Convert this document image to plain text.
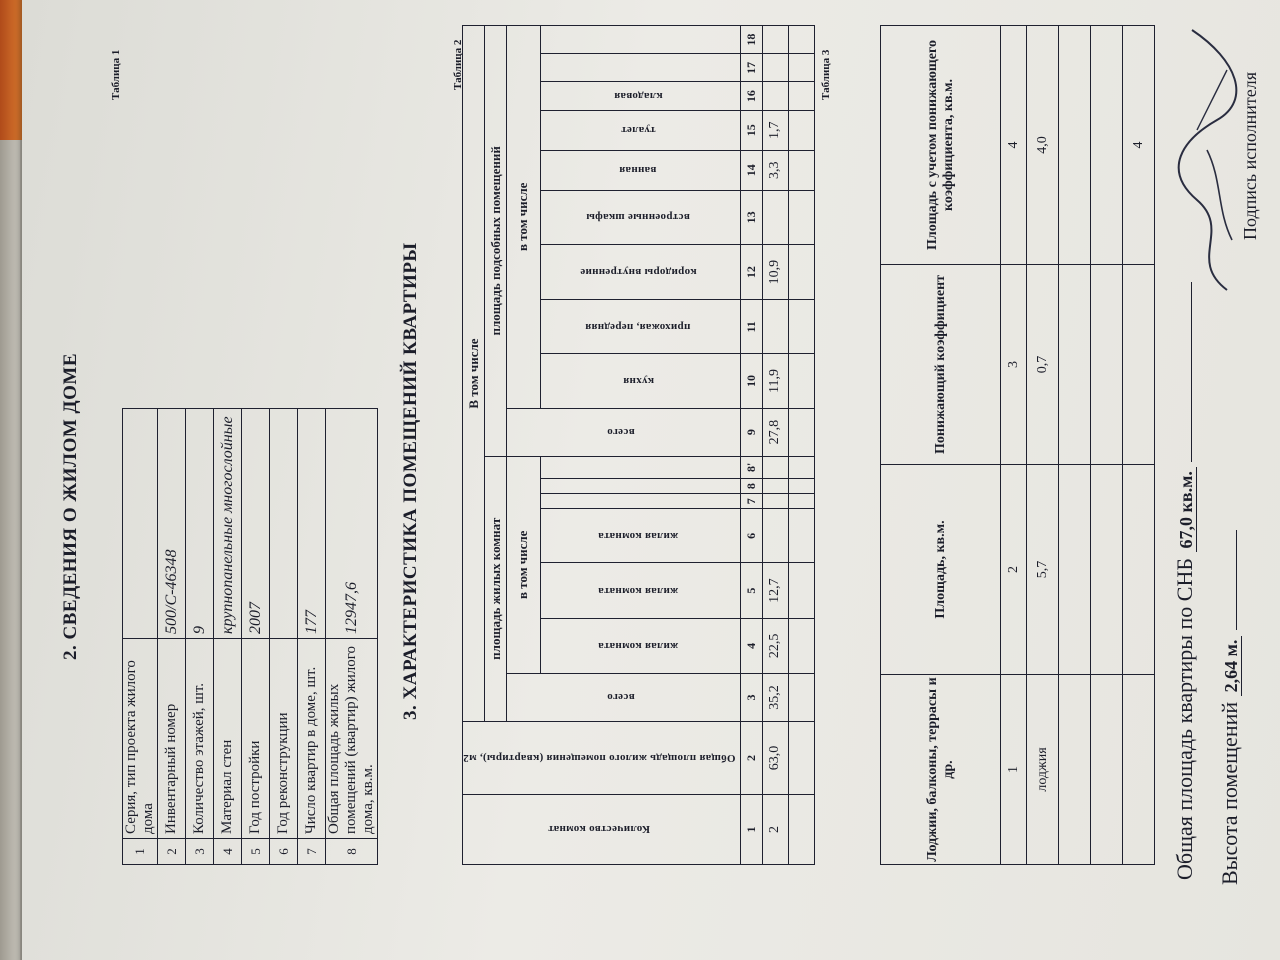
2. СВЕДЕНИЯ О ЖИЛОМ ДОМЕ
Таблица 1
1	Серия, тип проекта жилого дома	
2	Инвентарный номер	500/С-46348
3	Количество этажей, шт.	9
4	Материал стен	крупнопанельные многослойные
5	Год постройки	2007
6	Год реконструкции	
7	Число квартир в доме, шт.	177
8	Общая площадь жилых помещений (квартир) жилого дома, кв.м.	12947,6 3. ХАРАКТЕРИСТИКА ПОМЕЩЕНИЙ КВАРТИРЫ
Таблица 2
Количество комнат	Общая площадь жилого помещения (квартиры), м2	В том числе																
		площадь жилых комнат							площадь подсобных помещений									
		всего	в том числе						всего	в том числе								
			жилая комната	жилая комната	жилая комната					кухня	прихожая, передняя	коридоры внутренние	встроенные шкафы	ванная	туалет	кладовая		
1	2	3	4	5	6	7	8	8'	9	10	11	12	13	14	15	16	17	18
2	63,0	35,2	22,5	12,7					27,8	11,9		10,9		3,3	1,7			

Таблица 3
Лоджии, балконы, террасы и др.	Площадь, кв.м.	Понижающий коэффициент	Площадь с учетом понижающего коэффициента, кв.м.
1	2	3	4
лоджия	5,7	0,7	4,0

			4
Общая площадь квартиры по СНБ 67,0 кв.м.
Высота помещений 2,64 м.
Подпись исполнителя
